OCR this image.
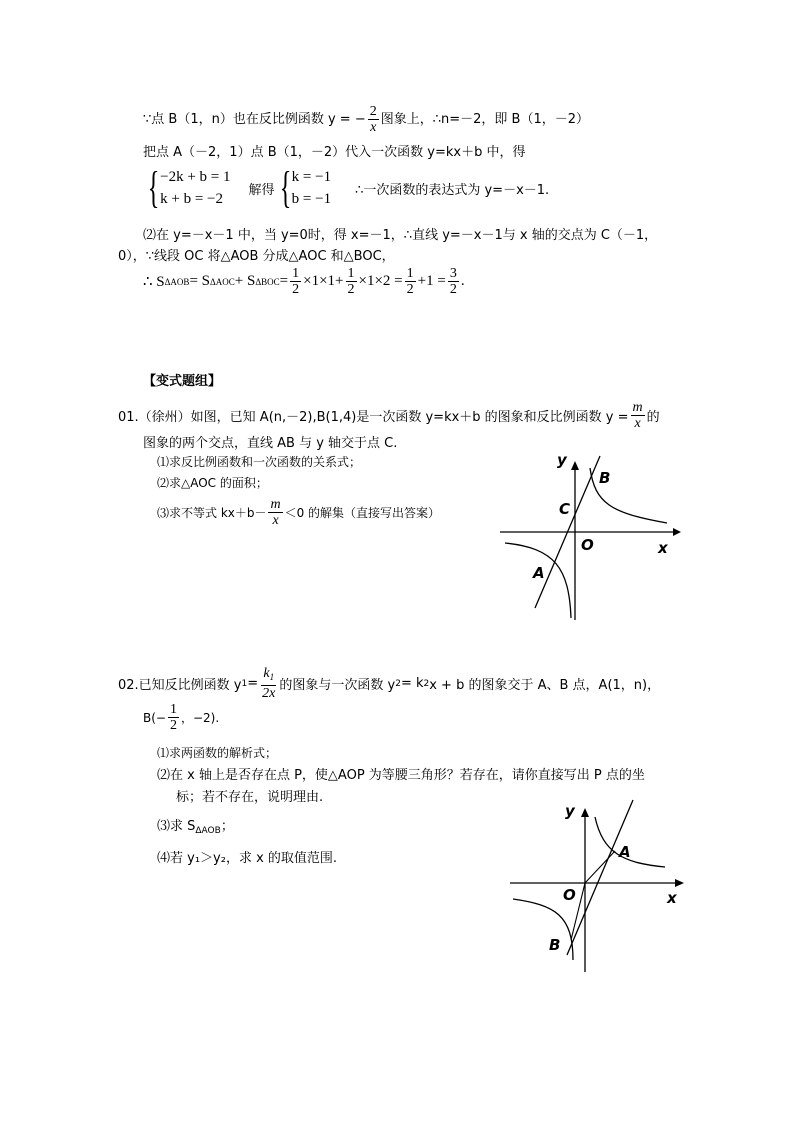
∵点 B（1，n）也在反比例函数 y = − $\frac{2}{x}$ 图象上，∴n=－2，即 B（1，－2）
把点 A（－2，1）点 B（1，－2）代入一次函数 y=kx＋b 中，得
{ −2k + b = 1
k + b = −2
解得 { k = −1
b = −1
∴一次函数的表达式为 y=－x－1.
⑵在 y=－x－1 中，当 y=0时，得 x=－1，∴直线 y=－x－1与 x 轴的交点为 C（－1，
0），∵线段 OC 将△AOB 分成△AOC 和△BOC，
∴ S ΔAOB = S ΔAOC + S $\Delta BOC = \frac{1}{2} \times 1\times 1+ \frac{1}{2} \times 1\times 2 = \frac{1}{2} +1 = \frac{3}{2}$ .
【变式题组】
01.（徐州）如图，已知 A(n,－2),B(1,4)是一次函数 y=kx＋b 的图象和反比例函数 $y = \frac{m}{x}$ 的
图象的两个交点，直线 AB 与 y 轴交于点 C.
⑴求反比例函数和一次函数的关系式；
⑵求△AOC 的面积；
⑶求不等式 $kx+b- \frac{m}{x} <0$ 的解集（直接写出答案）
y
B
C
O	x
A
02.已知反比例函数 y $1 = \frac{k_1}{2x}$ 的图象与一次函数 y 2 = k 2 x + b 的图象交于 A、B 点，A(1，n)，
$B(- \frac{1}{2}$ ，−2).
⑴求两函数的解析式；
⑵在 x 轴上是否存在点 P，使△AOP 为等腰三角形？若存在，请你直接写出 P 点的坐
标；若不存在，说明理由.
⑶求 $S_{\Delta AOB}$；
⑷若 y₁＞y₂，求 x 的取值范围.
y
A
O	x
B
